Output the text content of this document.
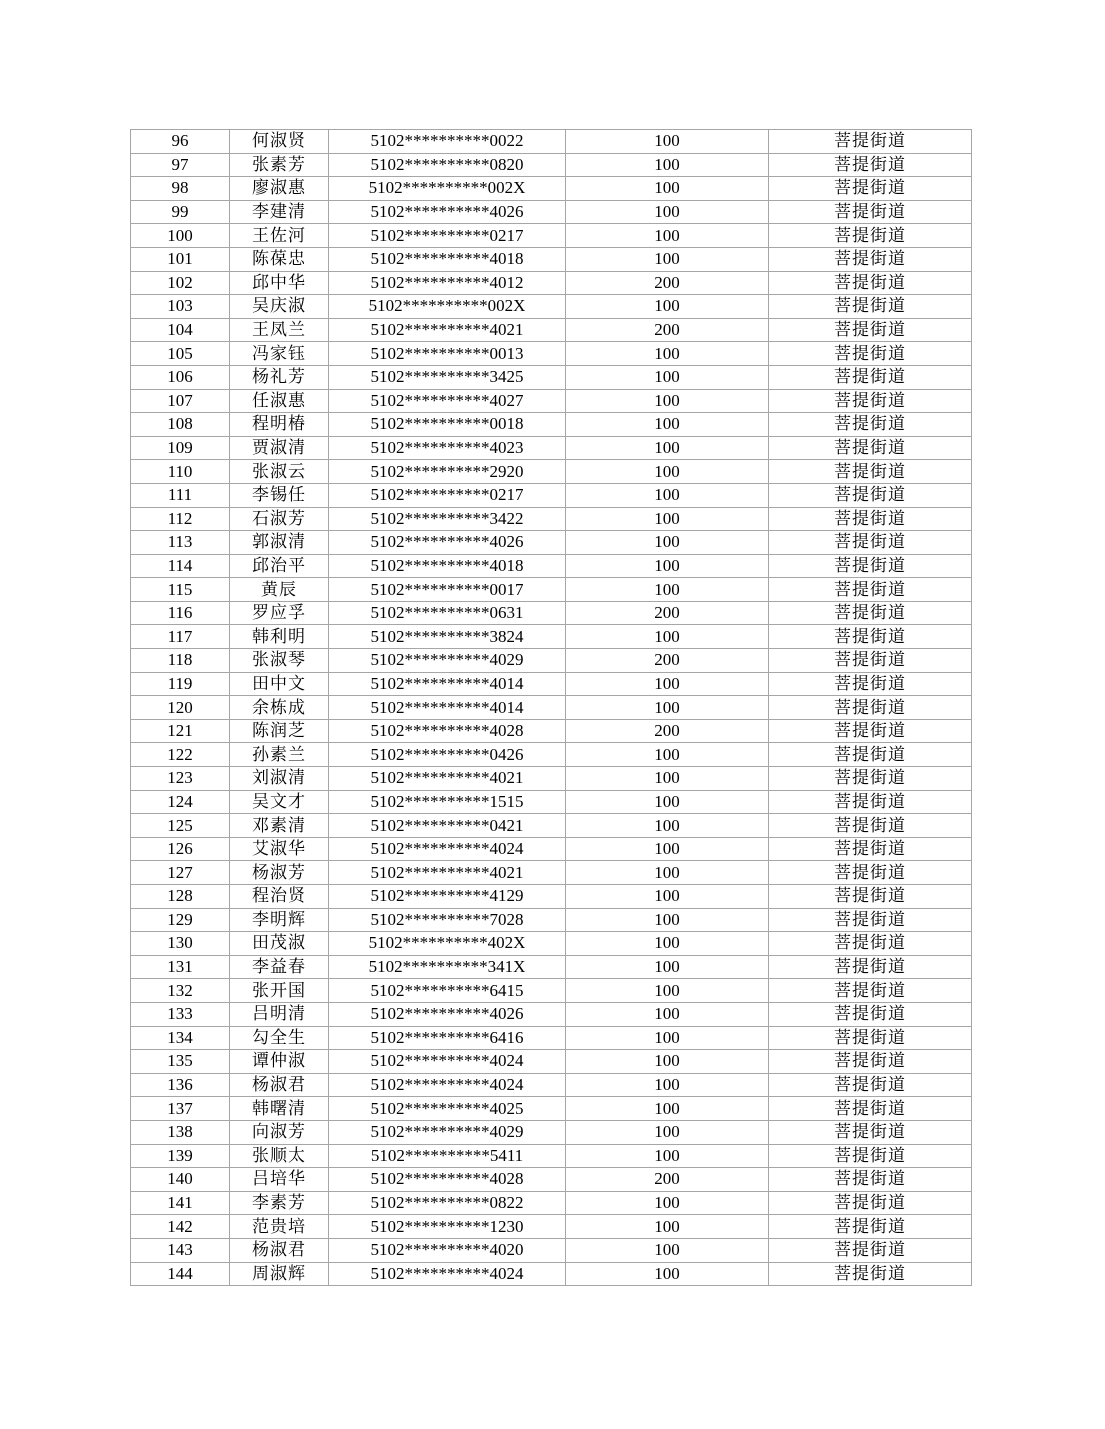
96	何淑贤	5102**********0022	100	菩提街道
97	张素芳	5102**********0820	100	菩提街道
98	廖淑惠	5102**********002X	100	菩提街道
99	李建清	5102**********4026	100	菩提街道
100	王佐河	5102**********0217	100	菩提街道
101	陈葆忠	5102**********4018	100	菩提街道
102	邱中华	5102**********4012	200	菩提街道
103	吴庆淑	5102**********002X	100	菩提街道
104	王凤兰	5102**********4021	200	菩提街道
105	冯家钰	5102**********0013	100	菩提街道
106	杨礼芳	5102**********3425	100	菩提街道
107	任淑惠	5102**********4027	100	菩提街道
108	程明椿	5102**********0018	100	菩提街道
109	贾淑清	5102**********4023	100	菩提街道
110	张淑云	5102**********2920	100	菩提街道
111	李锡任	5102**********0217	100	菩提街道
112	石淑芳	5102**********3422	100	菩提街道
113	郭淑清	5102**********4026	100	菩提街道
114	邱治平	5102**********4018	100	菩提街道
115	黄辰	5102**********0017	100	菩提街道
116	罗应孚	5102**********0631	200	菩提街道
117	韩利明	5102**********3824	100	菩提街道
118	张淑琴	5102**********4029	200	菩提街道
119	田中文	5102**********4014	100	菩提街道
120	余栋成	5102**********4014	100	菩提街道
121	陈润芝	5102**********4028	200	菩提街道
122	孙素兰	5102**********0426	100	菩提街道
123	刘淑清	5102**********4021	100	菩提街道
124	吴文才	5102**********1515	100	菩提街道
125	邓素清	5102**********0421	100	菩提街道
126	艾淑华	5102**********4024	100	菩提街道
127	杨淑芳	5102**********4021	100	菩提街道
128	程治贤	5102**********4129	100	菩提街道
129	李明辉	5102**********7028	100	菩提街道
130	田茂淑	5102**********402X	100	菩提街道
131	李益春	5102**********341X	100	菩提街道
132	张开国	5102**********6415	100	菩提街道
133	吕明清	5102**********4026	100	菩提街道
134	勾全生	5102**********6416	100	菩提街道
135	谭仲淑	5102**********4024	100	菩提街道
136	杨淑君	5102**********4024	100	菩提街道
137	韩曙清	5102**********4025	100	菩提街道
138	向淑芳	5102**********4029	100	菩提街道
139	张顺太	5102**********5411	100	菩提街道
140	吕培华	5102**********4028	200	菩提街道
141	李素芳	5102**********0822	100	菩提街道
142	范贵培	5102**********1230	100	菩提街道
143	杨淑君	5102**********4020	100	菩提街道
144	周淑辉	5102**********4024	100	菩提街道
